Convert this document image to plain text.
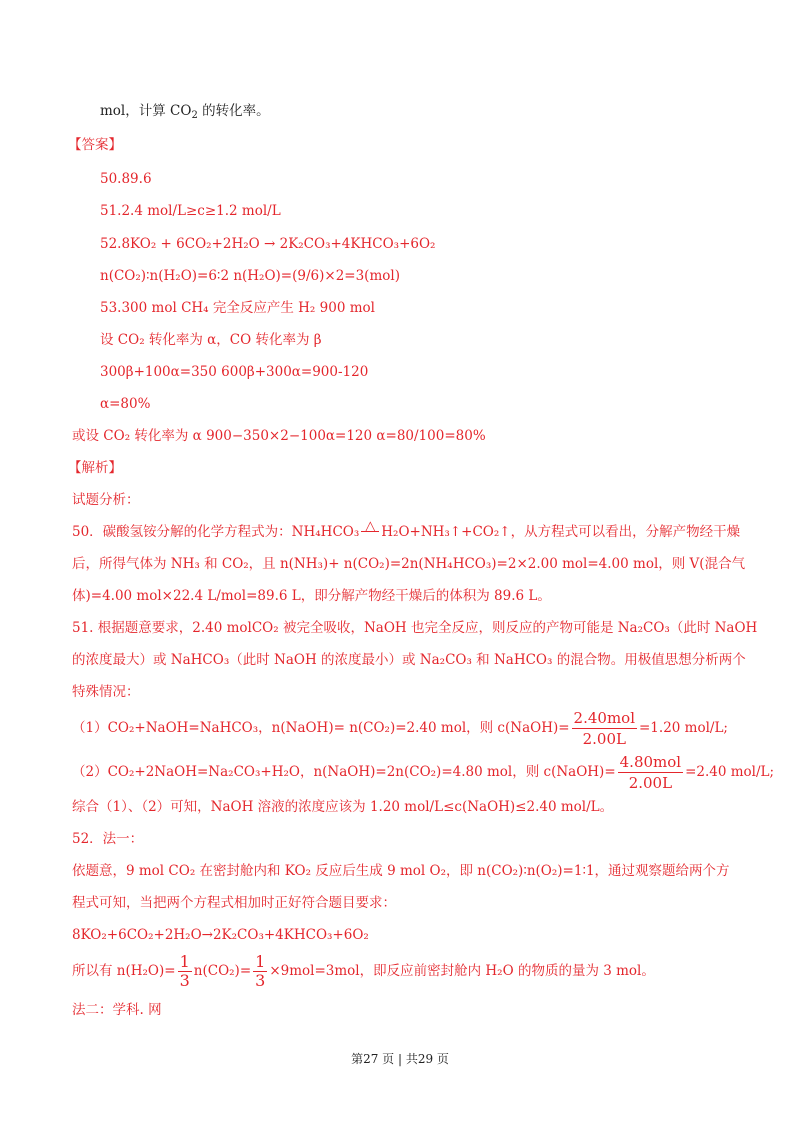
mol，计算 $CO_2$ 的转化率。
【答案】
50.89.6
51.2.4 mol/L≥c≥1.2 mol/L
52.8KO₂ + 6CO₂+2H₂O → 2K₂CO₃+4KHCO₃+6O₂
n(CO₂)∶n(H₂O)=6∶2 n(H₂O)=(9/6)×2=3(mol)
53.300 mol CH₄ 完全反应产生 H₂ 900 mol
设 CO₂ 转化率为 α，CO 转化率为 β
300β+100α=350 600β+300α=900-120
α=80%
或设 CO₂ 转化率为 α 900−350×2−100α=120 α=80/100=80%
【解析】
试题分析：
50．碳酸氢铵分解的化学方程式为：NH₄HCO₃ △ H₂O+NH₃↑+CO₂↑，从方程式可以看出，分解产物经干燥
后，所得气体为 NH₃ 和 CO₂，且 n(NH₃)+ n(CO₂)=2n(NH₄HCO₃)=2×2.00 mol=4.00 mol，则 V(混合气
体)=4.00 mol×22.4 L/mol=89.6 L，即分解产物经干燥后的体积为 89.6 L。
51. 根据题意要求，2.40 molCO₂ 被完全吸收，NaOH 也完全反应，则反应的产物可能是 Na₂CO₃（此时 NaOH
的浓度最大）或 NaHCO₃（此时 NaOH 的浓度最小）或 Na₂CO₃ 和 NaHCO₃ 的混合物。用极值思想分析两个
特殊情况：
（1）CO₂+NaOH=NaHCO₃，n(NaOH)= n(CO₂)=2.40 mol，则 c(NaOH)= $\frac{\text{2.40mol}}{2.00L} =1.20$ mol/L;
（2）CO₂+2NaOH=Na₂CO₃+H₂O，n(NaOH)=2n(CO₂)=4.80 mol，则 c(NaOH)= $\frac{\text{4.80mol}}{2.00L} =2.40$ mol/L;
综合（1）、（2）可知，NaOH 溶液的浓度应该为 1.20 mol/L≤c(NaOH)≤2.40 mol/L。
52．法一：
依题意，9 mol CO₂ 在密封舱内和 KO₂ 反应后生成 9 mol O₂，即 n(CO₂)∶n(O₂)=1∶1，通过观察题给两个方
程式可知，当把两个方程式相加时正好符合题目要求：
8KO₂+6CO₂+2H₂O→2K₂CO₃+4KHCO₃+6O₂
所以有 $n(H_2O)= \frac{1}{3} n(CO_2)= \frac{1}{3} \times 9mol=3mol$，即反应前密封舱内 H₂O 的物质的量为 3 mol。
法二：学科. 网
第27 页 | 共29 页
